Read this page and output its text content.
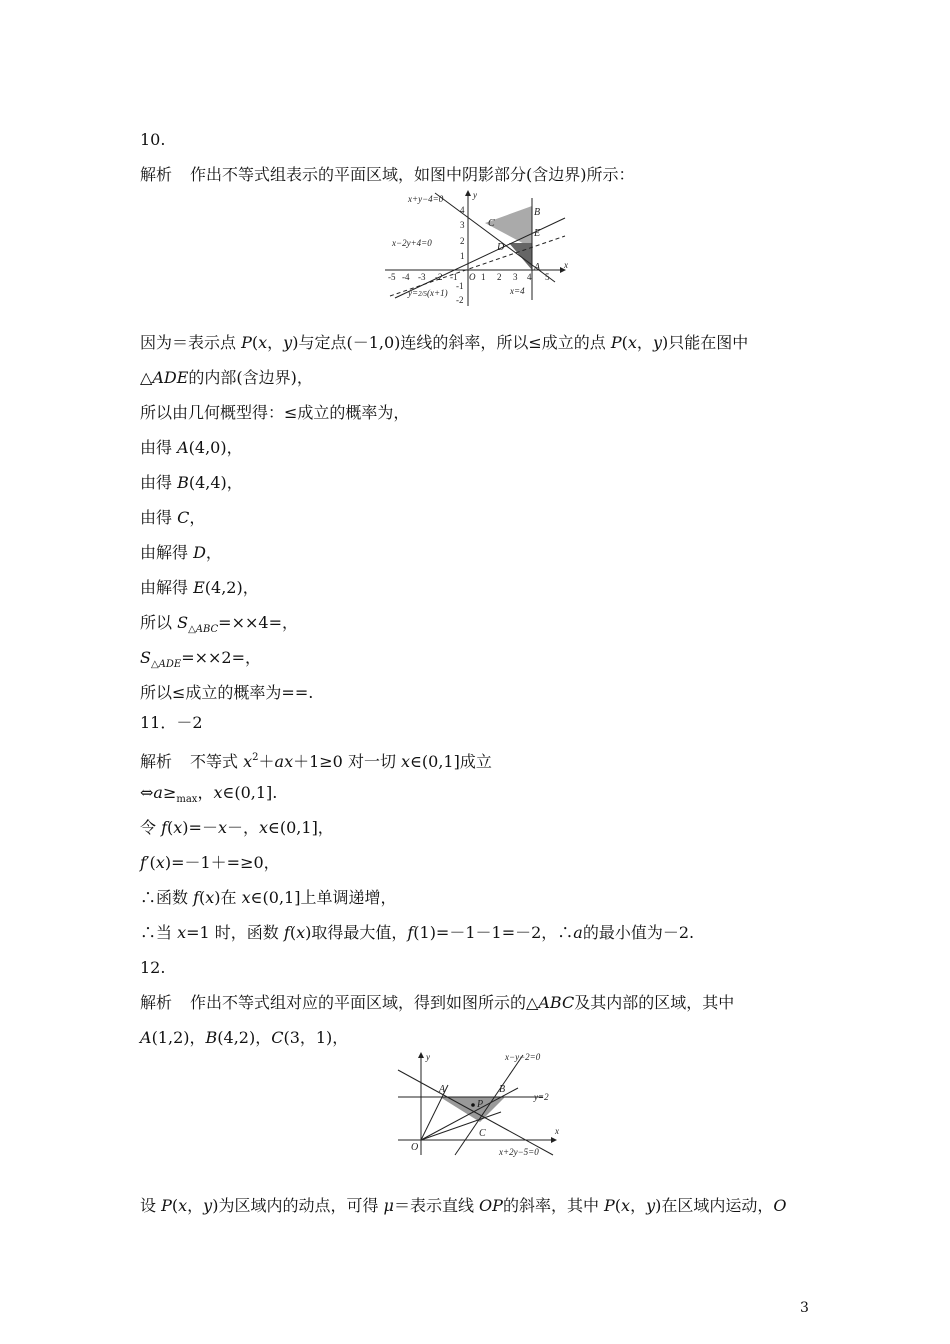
10.
解析 作出不等式组表示的平面区域，如图中阴影部分(含边界)所示：
-5 -4 -3 -2 -1	1 2 3 4 5
4
3
2
1
-1
-2
x
y
O
x+y−4=0
x−2y+4=0
y=2/5(x+1)	x=4
C
B
E
D
A
因为＝表示点 P(x，y)与定点(－1,0)连线的斜率，所以≤成立的点 P(x，y)只能在图中
△ADE的内部(含边界)，
所以由几何概型得：≤成立的概率为，
由得 A(4,0)，
由得 B(4,4)，
由得 C，
由解得 D，
由解得 E(4,2)，
所以 $S_{\triangle ABC}=\times\times 4=$，
$S_{\triangle ADE}=\times\times 2=$，
所以≤成立的概率为==.
11．－2
解析 不等式 $x^2+ax+1\ge 0$ 对一切 x∈(0,1]成立
$\Leftrightarrow a\ge_{max}$，x∈(0,1].
令 f(x)=－x－，x∈(0,1]，
f′(x)=－1＋=≥0，
∴函数 f(x)在 x∈(0,1]上单调递增，
∴当 x=1 时，函数 f(x)取得最大值，f(1)=－1－1=－2，∴a的最小值为－2.
12.
解析 作出不等式组对应的平面区域，得到如图所示的△ABC及其内部的区域，其中
A(1,2)，B(4,2)，C(3，1)，
x
y
O
A	B
C
P
x−y−2=0
y=2
x+2y−5=0
设 P(x，y)为区域内的动点，可得 μ＝表示直线 OP的斜率，其中 P(x，y)在区域内运动，O
3
